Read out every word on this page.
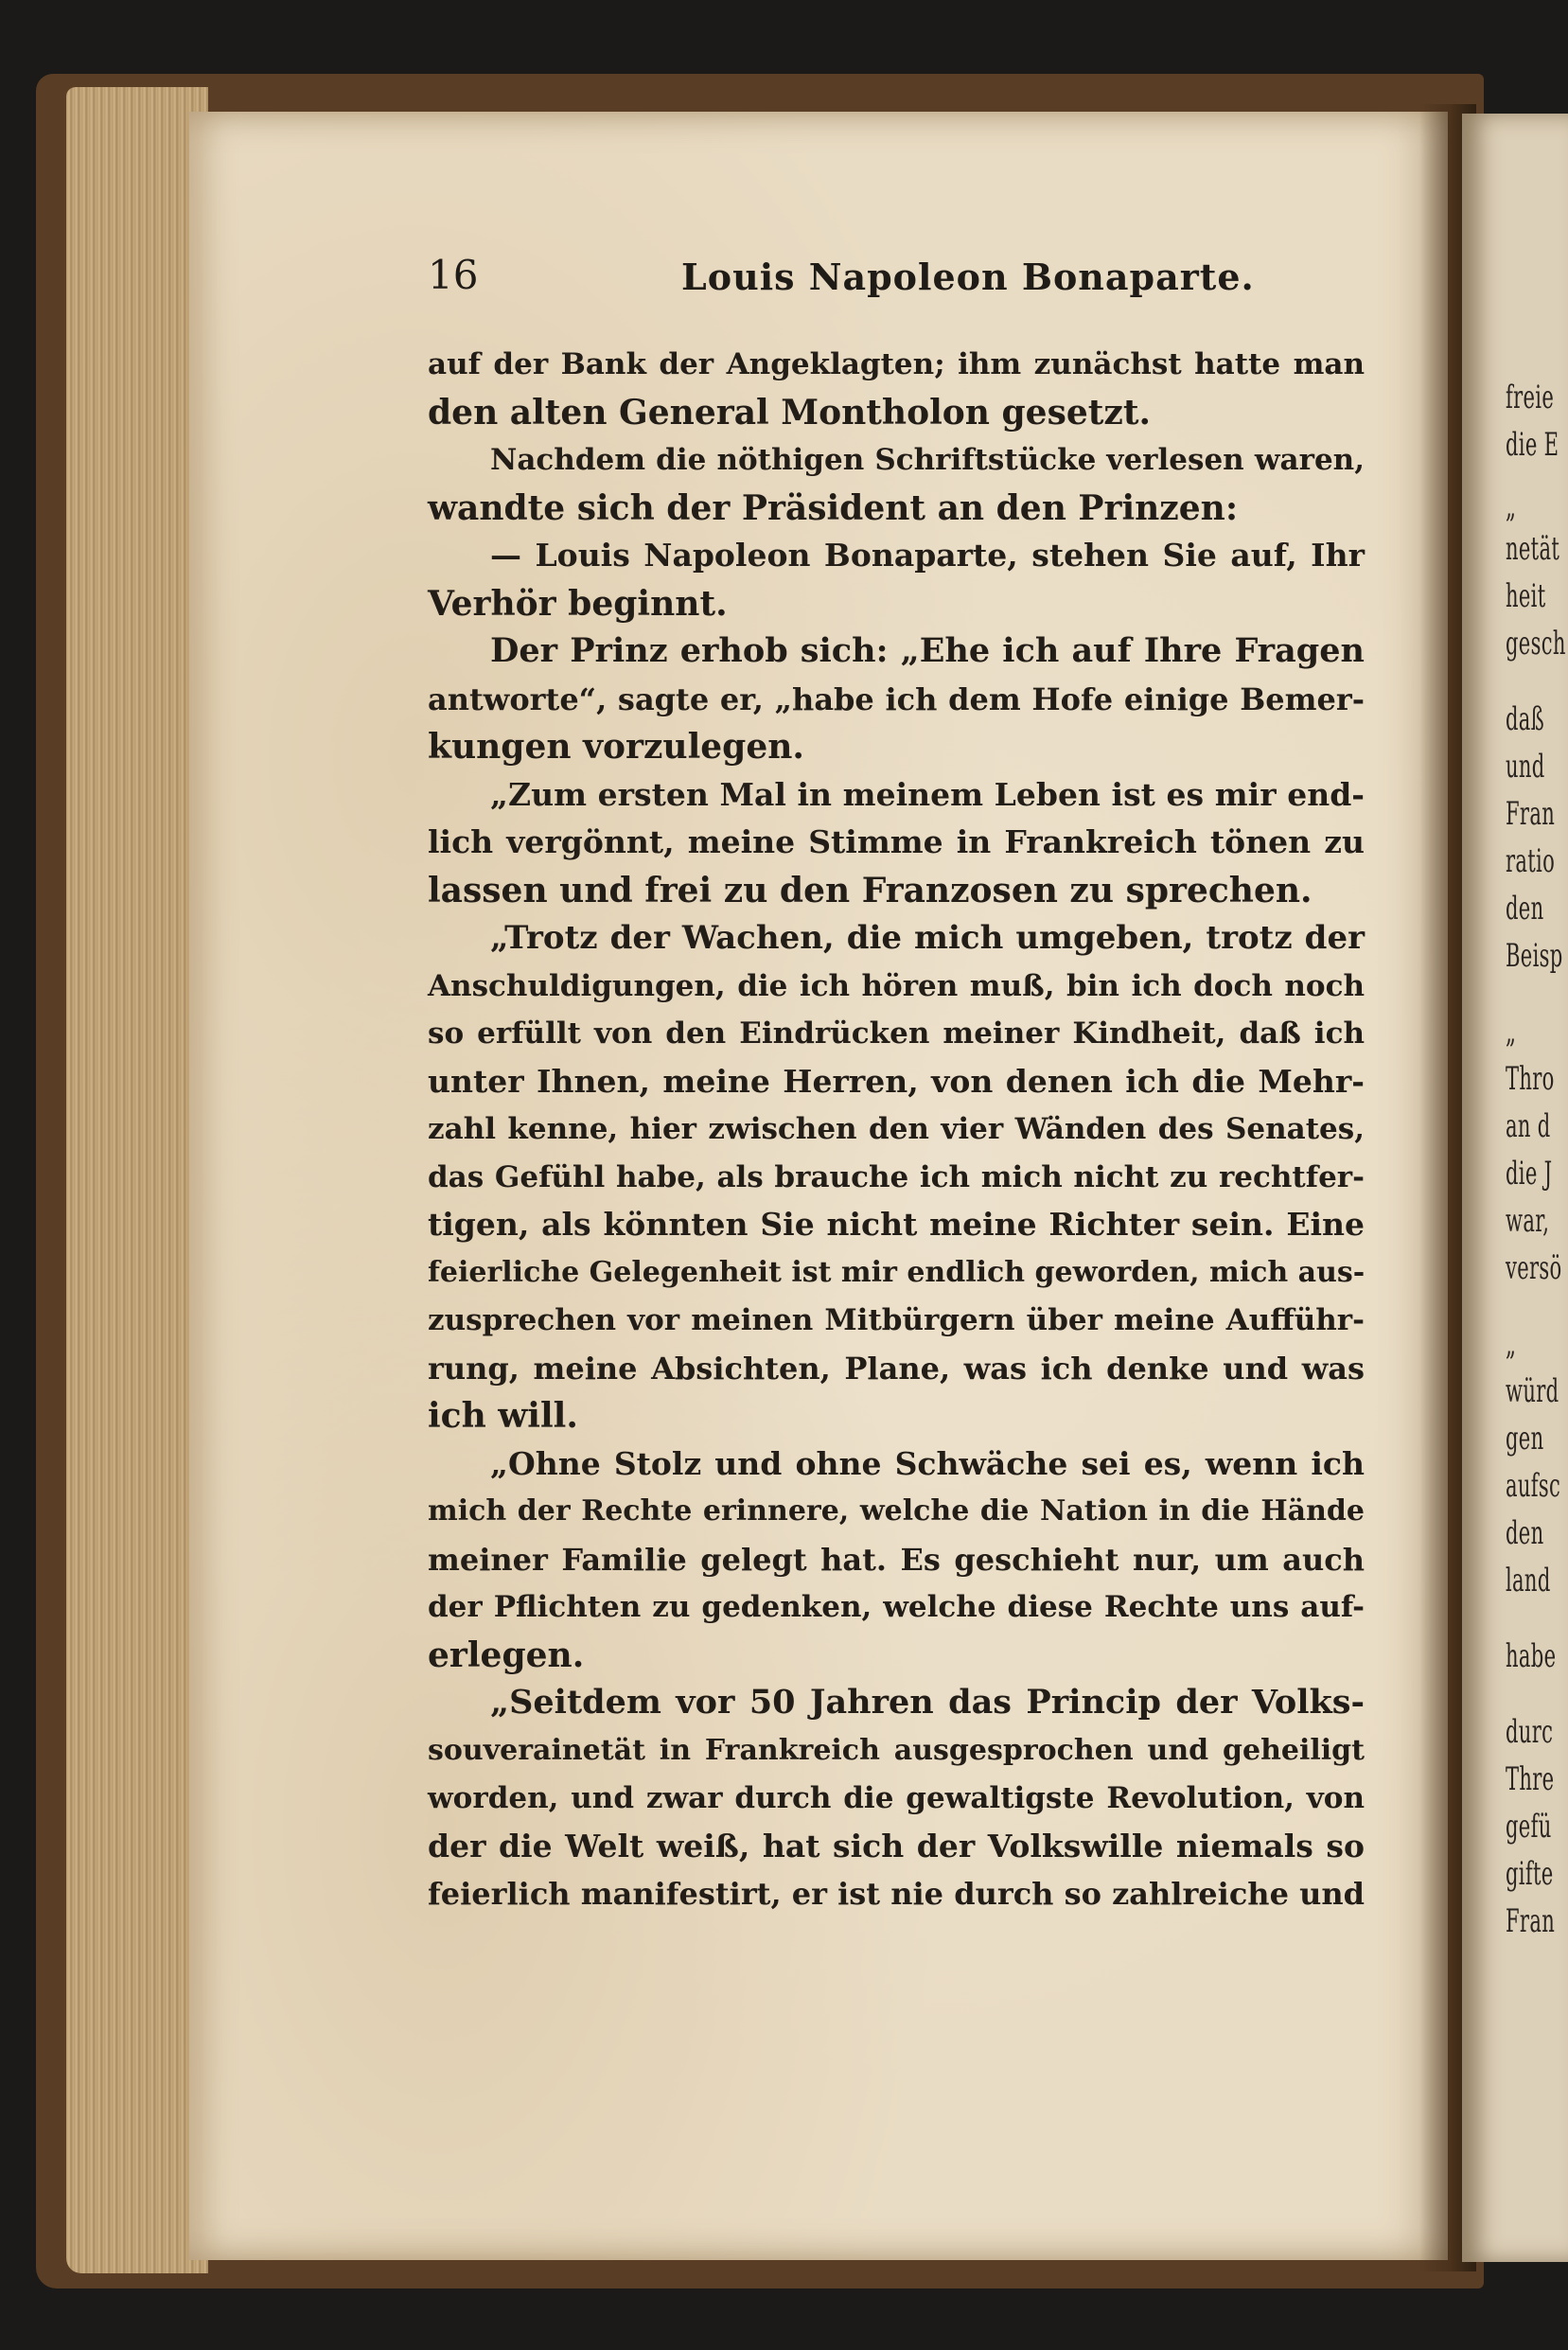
freie
die E
„
netät
heit
gesch
daß
und
Fran
ratio
den
Beisp
„
Thro
an d
die J
war,
versö
„
würd
gen
aufsc
den
land
habe
durc
Thre
gefü
gifte
Fran
16	Louis Napoleon Bonaparte.
auf der Bank der Angeklagten; ihm zunächst hatte man
den alten General Montholon gesetzt.
Nachdem die nöthigen Schriftstücke verlesen waren,
wandte sich der Präsident an den Prinzen:
— Louis Napoleon Bonaparte, stehen Sie auf, Ihr
Verhör beginnt.
Der Prinz erhob sich: „Ehe ich auf Ihre Fragen
antworte“, sagte er, „habe ich dem Hofe einige Bemer-
kungen vorzulegen.
„Zum ersten Mal in meinem Leben ist es mir end-
lich vergönnt, meine Stimme in Frankreich tönen zu
lassen und frei zu den Franzosen zu sprechen.
„Trotz der Wachen, die mich umgeben, trotz der
Anschuldigungen, die ich hören muß, bin ich doch noch
so erfüllt von den Eindrücken meiner Kindheit, daß ich
unter Ihnen, meine Herren, von denen ich die Mehr-
zahl kenne, hier zwischen den vier Wänden des Senates,
das Gefühl habe, als brauche ich mich nicht zu rechtfer-
tigen, als könnten Sie nicht meine Richter sein. Eine
feierliche Gelegenheit ist mir endlich geworden, mich aus-
zusprechen vor meinen Mitbürgern über meine Aufführ-
rung, meine Absichten, Plane, was ich denke und was
ich will.
„Ohne Stolz und ohne Schwäche sei es, wenn ich
mich der Rechte erinnere, welche die Nation in die Hände
meiner Familie gelegt hat. Es geschieht nur, um auch
der Pflichten zu gedenken, welche diese Rechte uns auf-
erlegen.
„Seitdem vor 50 Jahren das Princip der Volks-
souverainetät in Frankreich ausgesprochen und geheiligt
worden, und zwar durch die gewaltigste Revolution, von
der die Welt weiß, hat sich der Volkswille niemals so
feierlich manifestirt, er ist nie durch so zahlreiche und
